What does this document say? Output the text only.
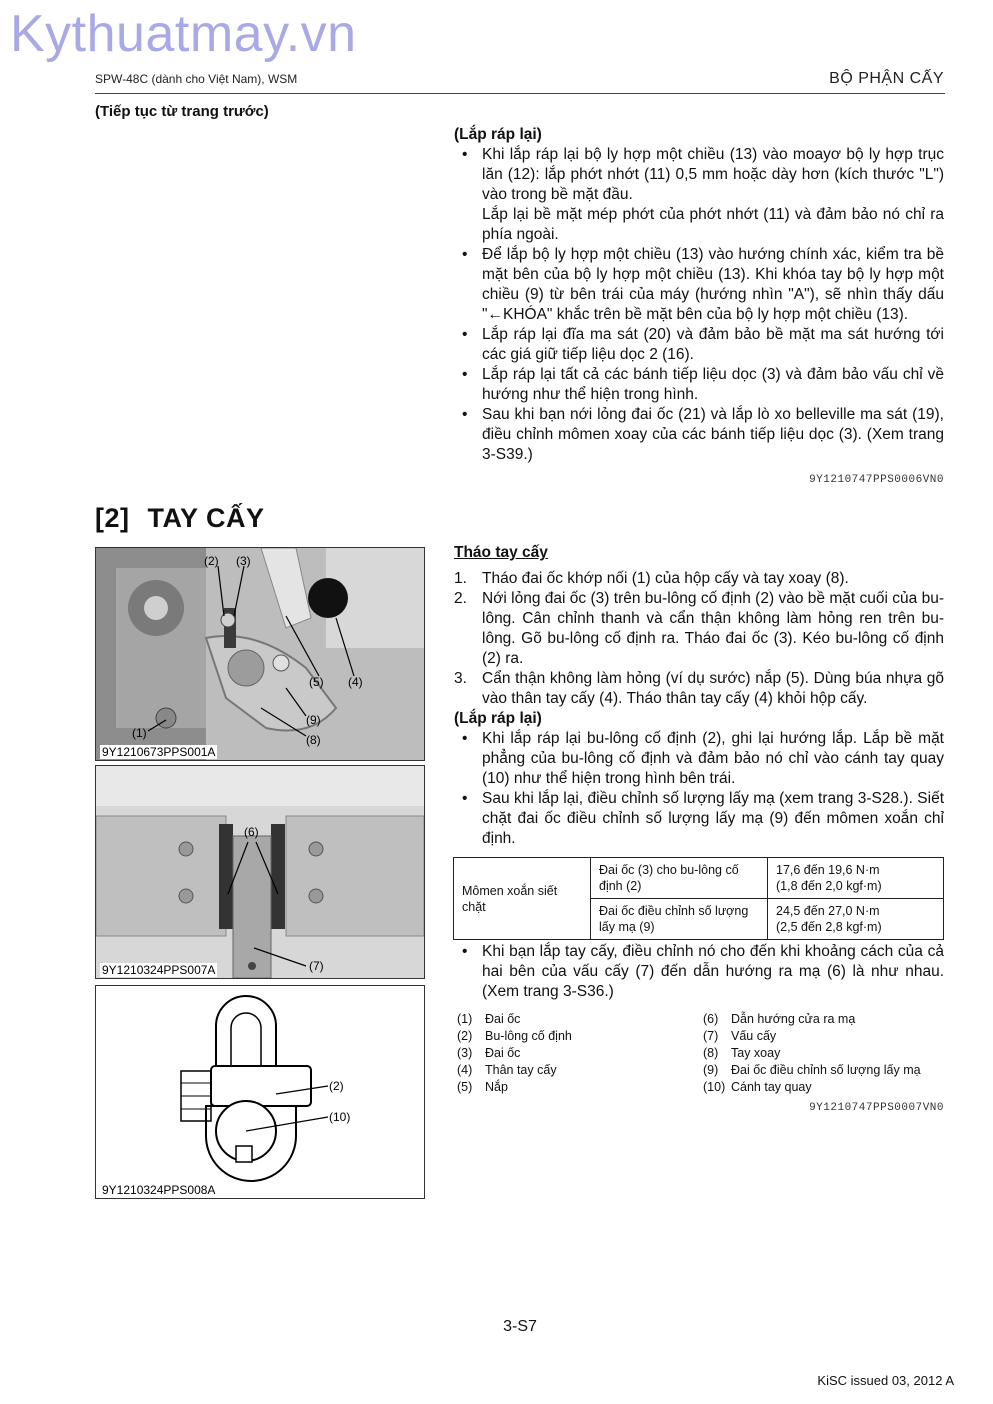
Kythuatmay.vn
SPW-48C (dành cho Việt Nam), WSM	BỘ PHẬN CẤY
(Tiếp tục từ trang trước)
(Lắp ráp lại)
• Khi lắp ráp lại bộ ly hợp một chiều (13) vào moayơ bộ ly hợp trục lăn (12): lắp phớt nhớt (11) 0,5 mm hoặc dày hơn (kích thước "L") vào trong bề mặt đầu.
Lắp lại bề mặt mép phớt của phớt nhớt (11) và đảm bảo nó chỉ ra phía ngoài.
• Để lắp bộ ly hợp một chiều (13) vào hướng chính xác, kiểm tra bề mặt bên của bộ ly hợp một chiều (13). Khi khóa tay bộ ly hợp một chiều (9) từ bên trái của máy (hướng nhìn "A"), sẽ nhìn thấy dấu "←KHÓA" khắc trên bề mặt bên của bộ ly hợp một chiều (13).
• Lắp ráp lại đĩa ma sát (20) và đảm bảo bề mặt ma sát hướng tới các giá giữ tiếp liệu dọc 2 (16).
• Lắp ráp lại tất cả các bánh tiếp liệu dọc (3) và đảm bảo vấu chỉ về hướng như thể hiện trong hình.
• Sau khi bạn nới lỏng đai ốc (21) và lắp lò xo belleville ma sát (19), điều chỉnh mômen xoay của các bánh tiếp liệu dọc (3). (Xem trang 3-S39.)
9Y1210747PPS0006VN0
[2] TAY CẤY
(2) (3)
(5) (4)
(9)
(1)	(8)
9Y1210673PPS001A
(6)
(7)
9Y1210324PPS007A
(2)
(10)
9Y1210324PPS008A
Tháo tay cấy
1. Tháo đai ốc khớp nối (1) của hộp cấy và tay xoay (8).
2. Nới lỏng đai ốc (3) trên bu-lông cố định (2) vào bề mặt cuối của bu-lông. Cân chỉnh thanh và cẩn thận không làm hỏng ren trên bu-lông. Gõ bu-lông cố định ra. Tháo đai ốc (3). Kéo bu-lông cố định (2) ra.
3. Cẩn thận không làm hỏng (ví dụ sước) nắp (5). Dùng búa nhựa gõ vào thân tay cấy (4). Tháo thân tay cấy (4) khỏi hộp cấy.
(Lắp ráp lại)
• Khi lắp ráp lại bu-lông cố định (2), ghi lại hướng lắp. Lắp bề mặt phẳng của bu-lông cố định và đảm bảo nó chỉ vào cánh tay quay (10) như thể hiện trong hình bên trái.
• Sau khi lắp lại, điều chỉnh số lượng lấy mạ (xem trang 3-S28.). Siết chặt đai ốc điều chỉnh số lượng lấy mạ (9) đến mômen xoắn chỉ định.
Mômen xoắn siết chặt	Đai ốc (3) cho bu-lông cố định (2)	17,6 đến 19,6 N·m
(1,8 đến 2,0 kgf·m)
	Đai ốc điều chỉnh số lượng lấy mạ (9)	24,5 đến 27,0 N·m
(2,5 đến 2,8 kgf·m)
• Khi bạn lắp tay cấy, điều chỉnh nó cho đến khi khoảng cách của cả hai bên của vấu cấy (7) đến dẫn hướng ra mạ (6) là như nhau. (Xem trang 3-S36.)
(1) Đai ốc
(2) Bu-lông cố định
(3) Đai ốc
(4) Thân tay cấy
(5) Nắp
(6) Dẫn hướng cửa ra mạ
(7) Vấu cấy
(8) Tay xoay
(9) Đai ốc điều chỉnh số lượng lấy mạ
(10) Cánh tay quay
9Y1210747PPS0007VN0
3-S7
KiSC issued 03, 2012 A
